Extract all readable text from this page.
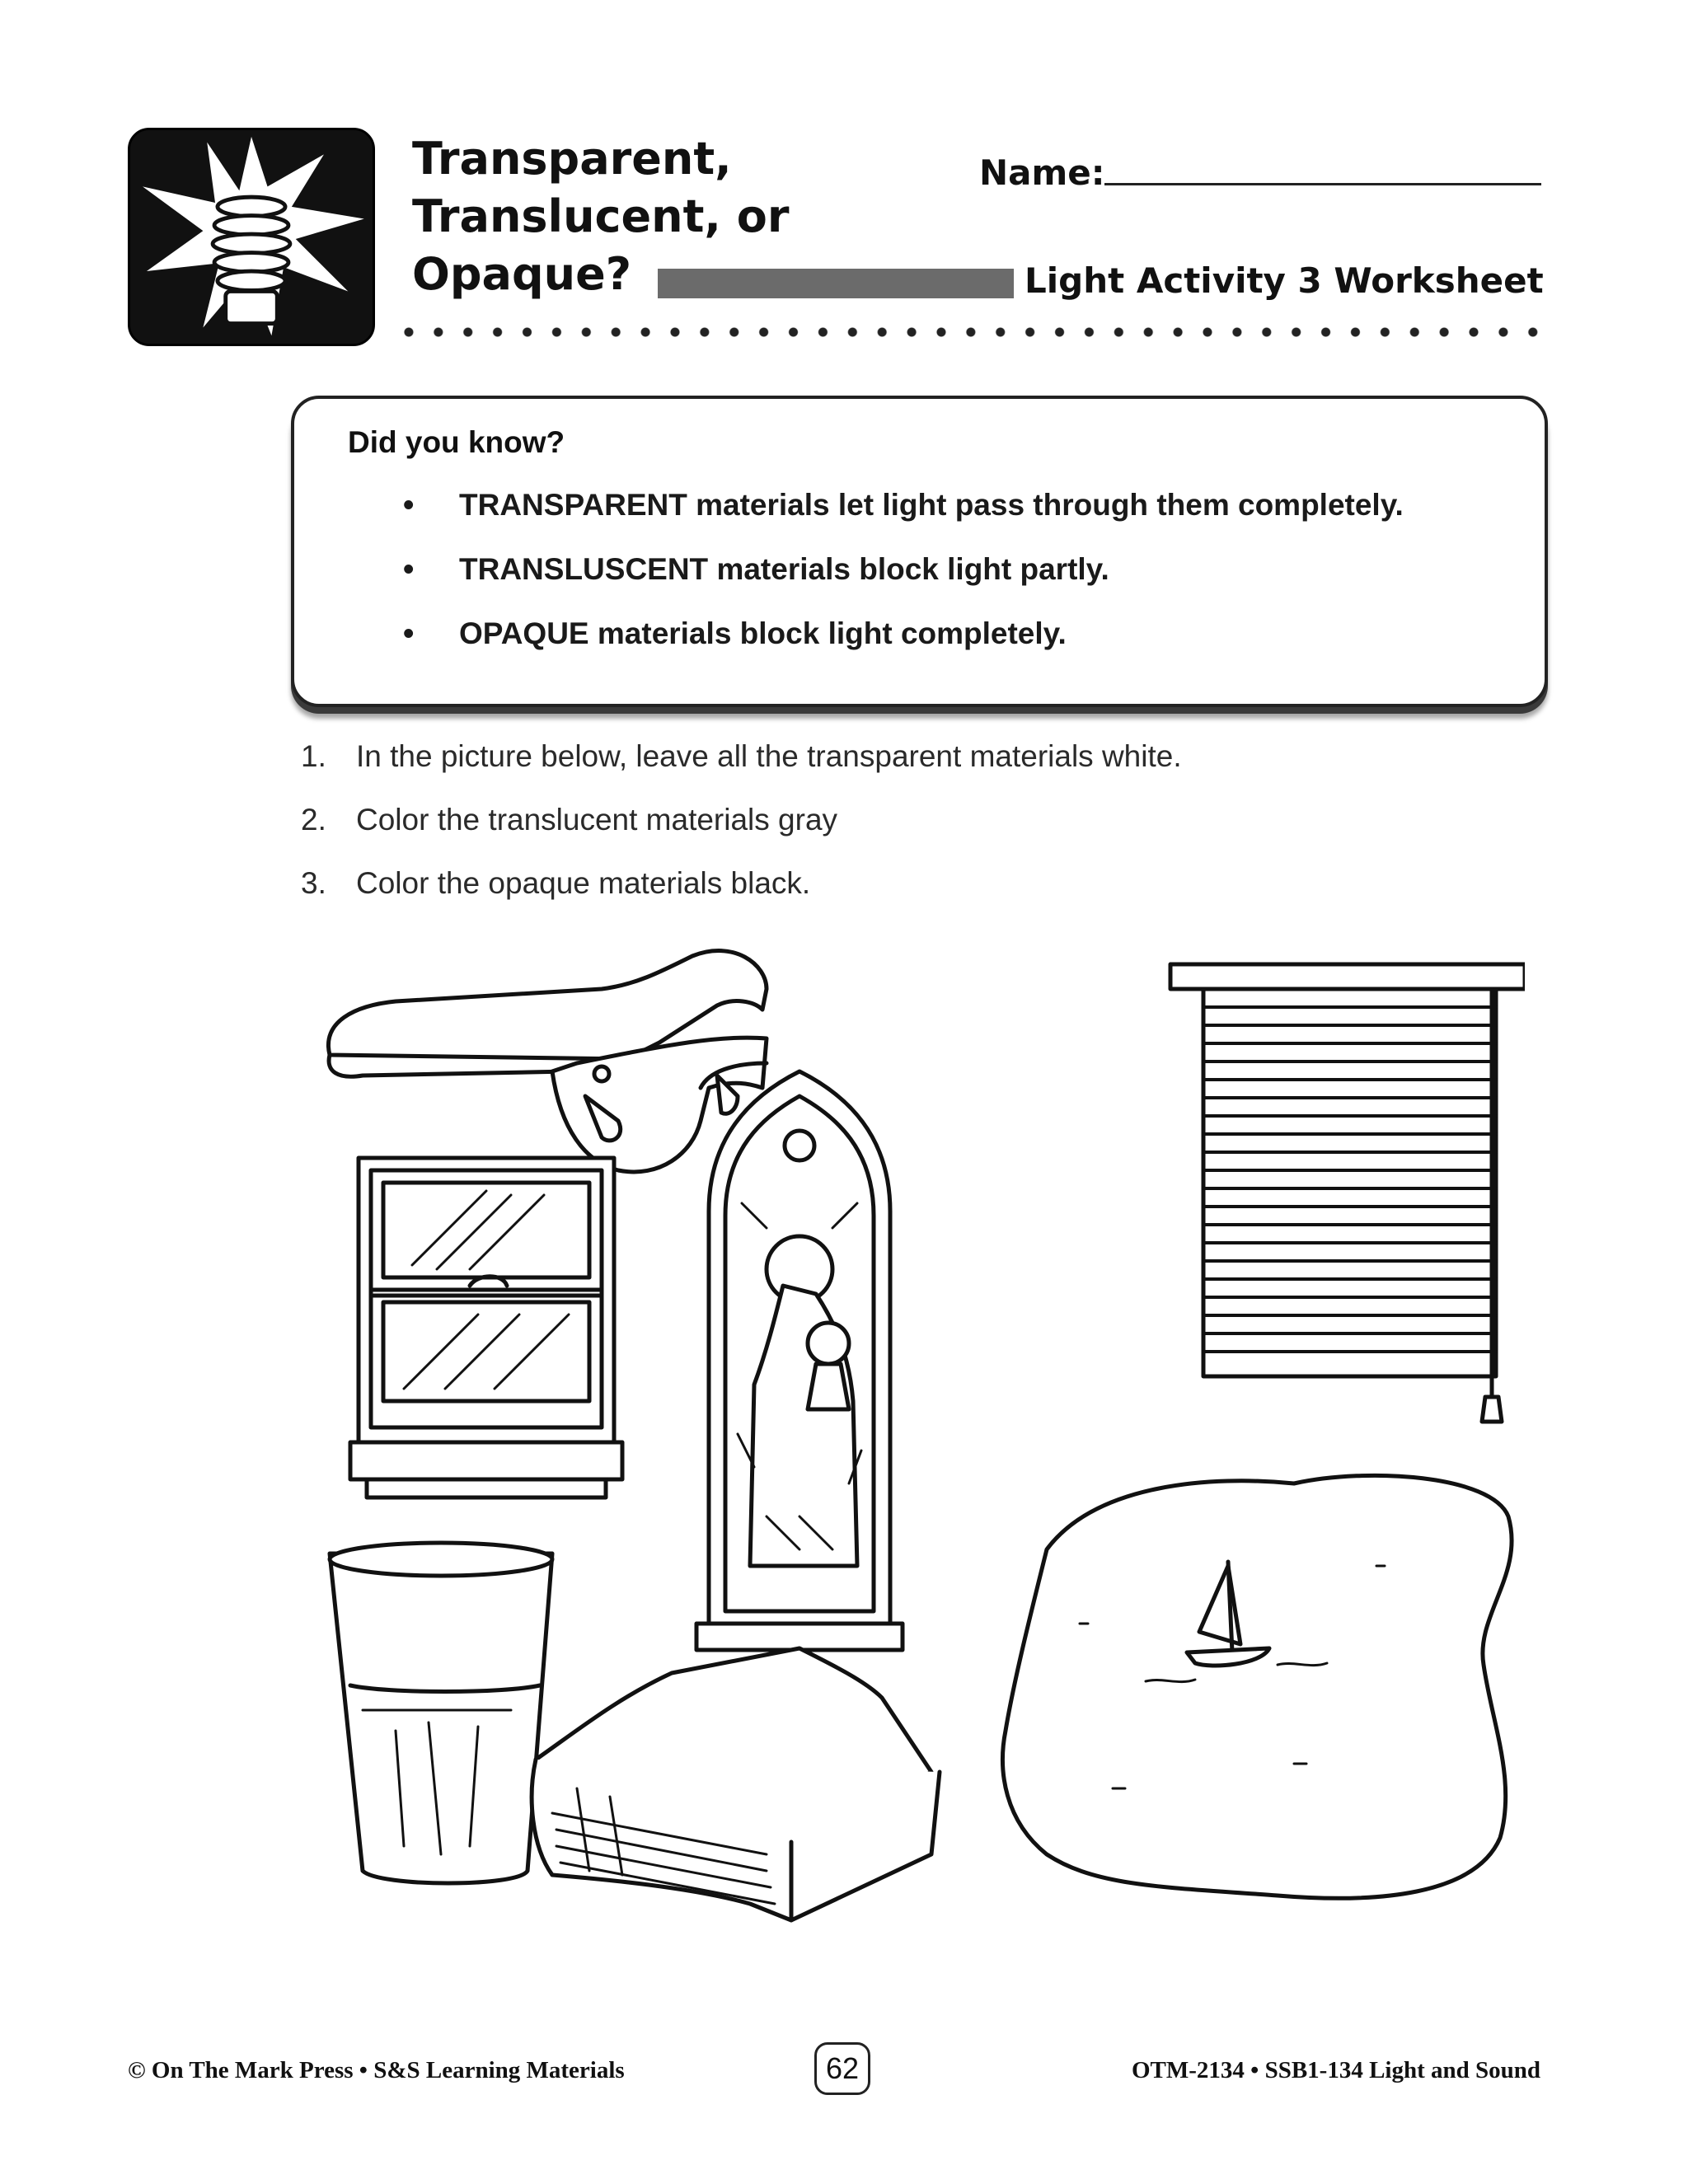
Transparent,
Translucent, or
Opaque?
Name:
Light Activity 3 Worksheet
Did you know?
• TRANSPARENT materials let light pass through them completely.
• TRANSLUSCENT materials block light partly.
• OPAQUE materials block light completely.
1. In the picture below, leave all the transparent materials white.
2. Color the translucent materials gray
3. Color the opaque materials black.
© On The Mark Press • S&S Learning Materials	62	OTM-2134 • SSB1-134 Light and Sound
